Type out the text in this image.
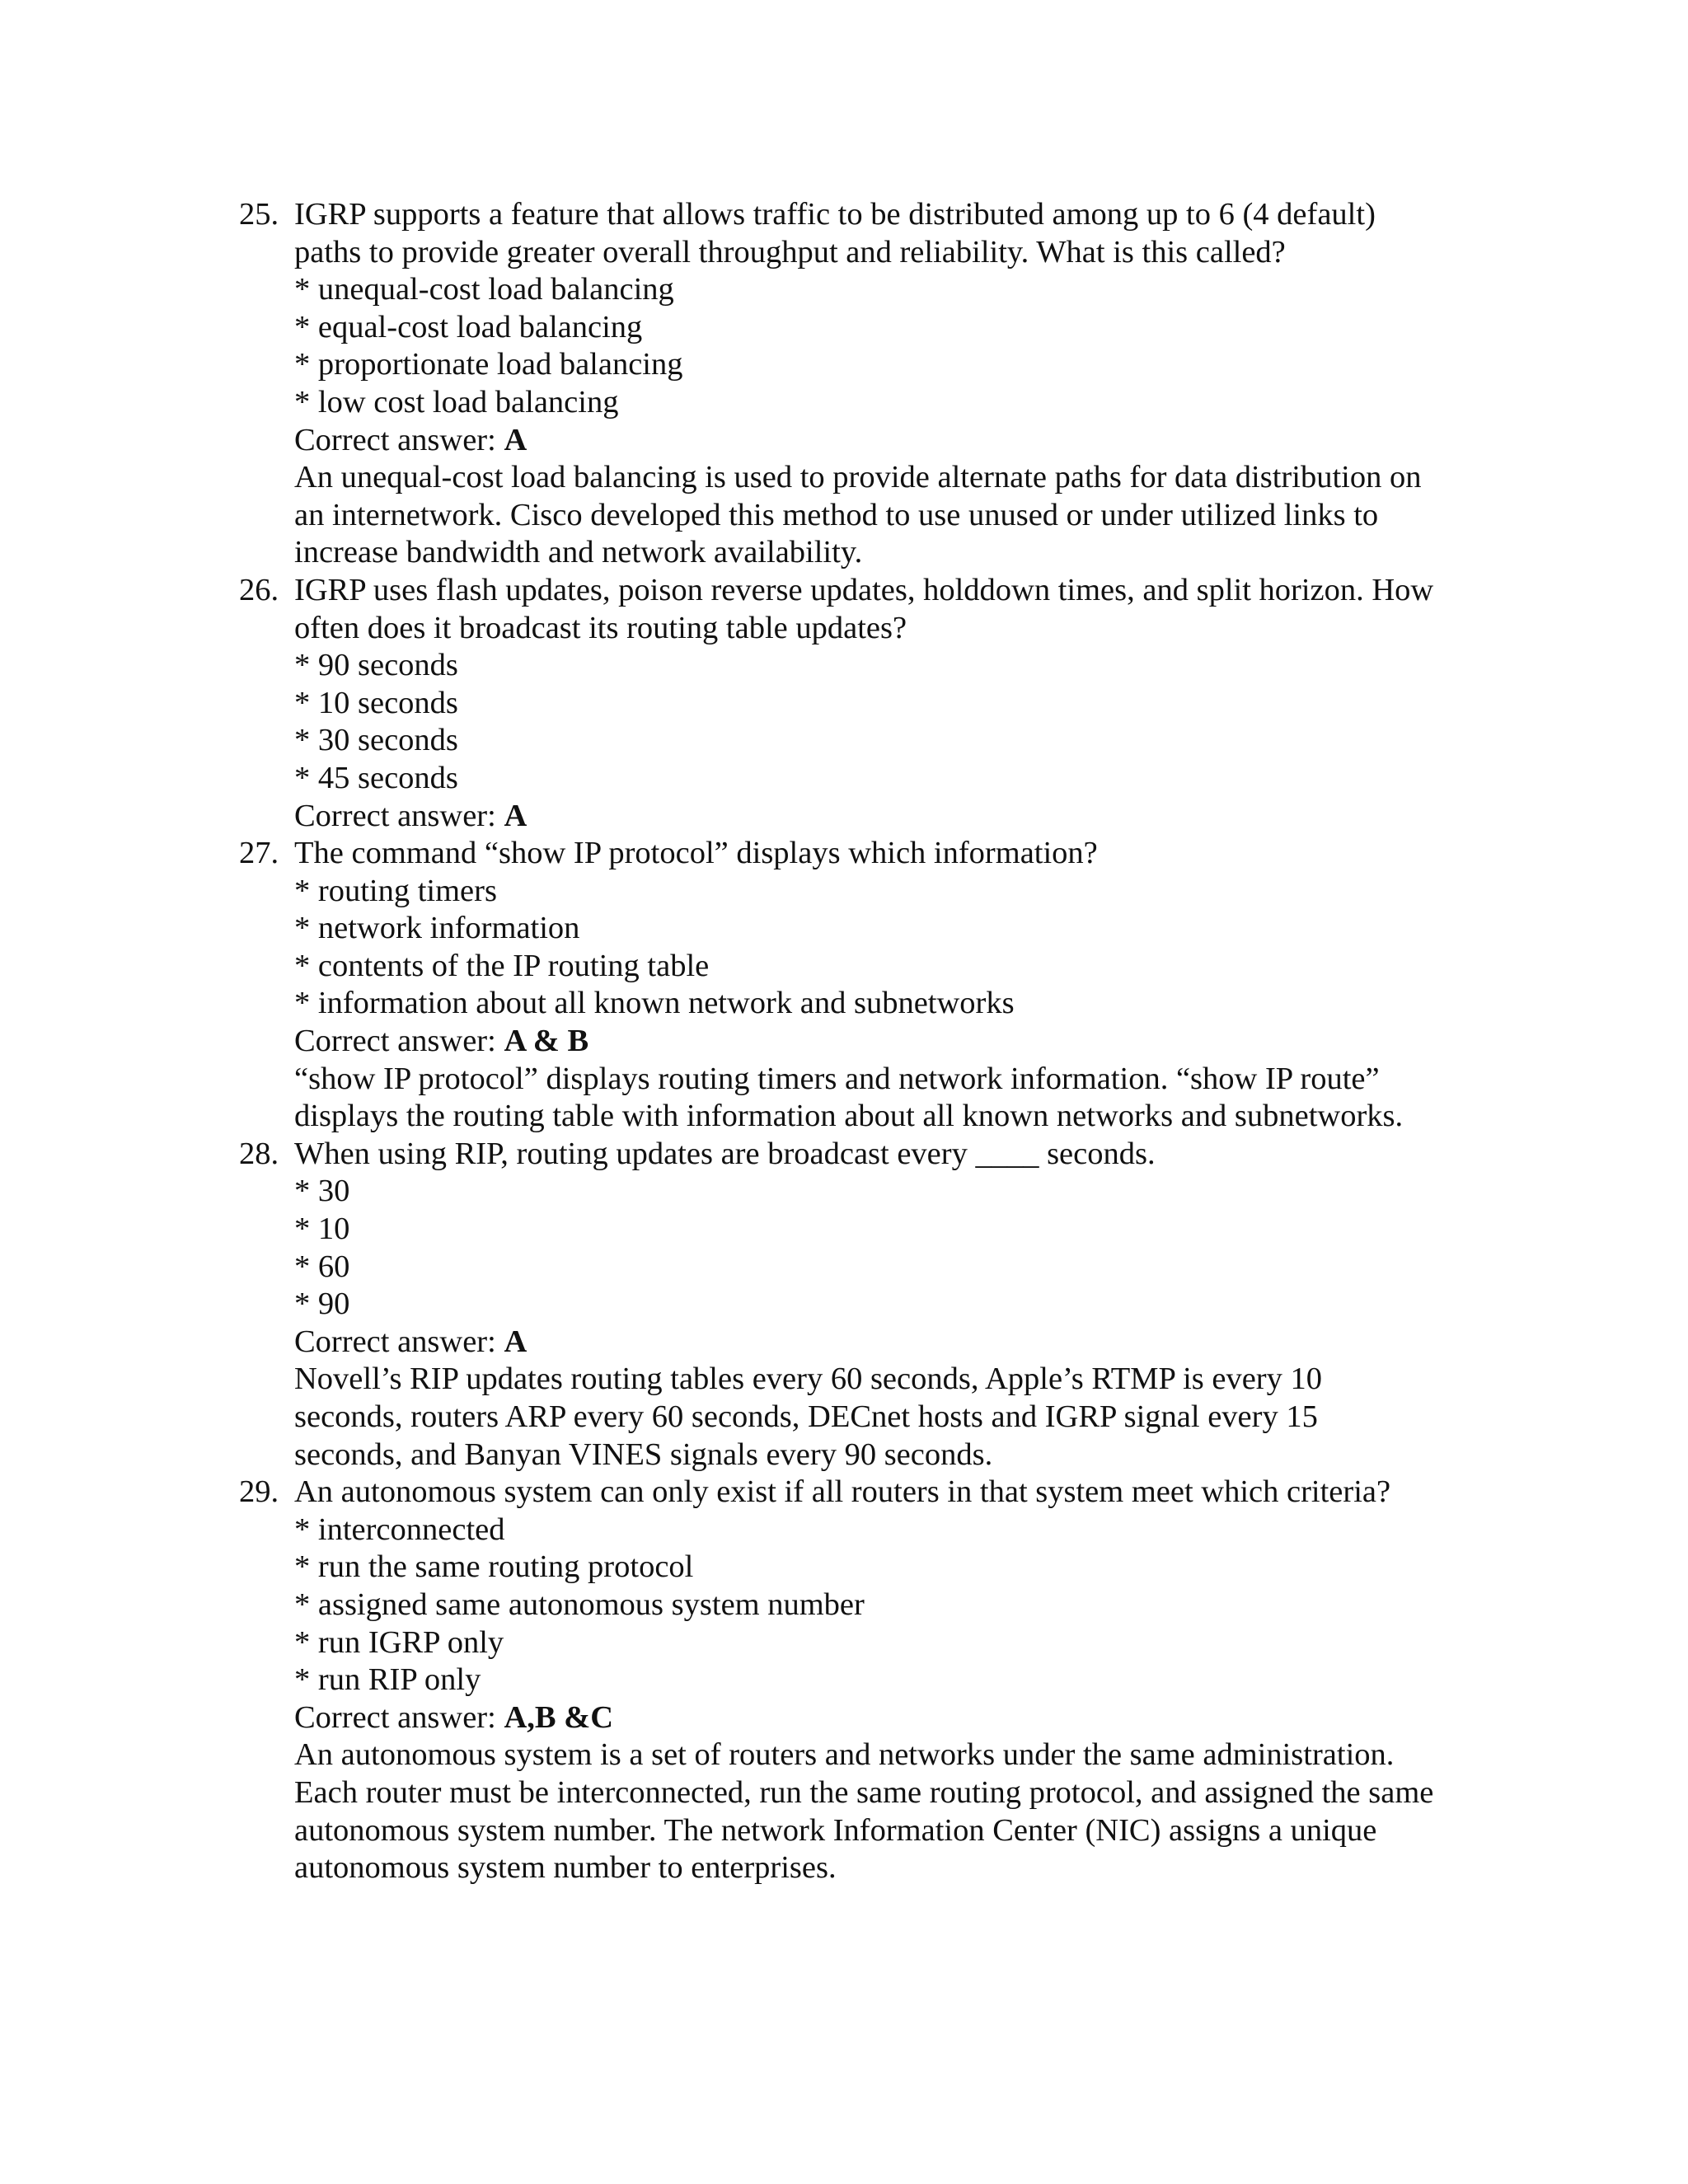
25. IGRP supports a feature that allows traffic to be distributed among up to 6 (4 default)
paths to provide greater overall throughput and reliability. What is this called?
* unequal-cost load balancing
* equal-cost load balancing
* proportionate load balancing
* low cost load balancing
Correct answer: A
An unequal-cost load balancing is used to provide alternate paths for data distribution on
an internetwork. Cisco developed this method to use unused or under utilized links to
increase bandwidth and network availability.
26. IGRP uses flash updates, poison reverse updates, holddown times, and split horizon. How
often does it broadcast its routing table updates?
* 90 seconds
* 10 seconds
* 30 seconds
* 45 seconds
Correct answer: A
27. The command “show IP protocol” displays which information?
* routing timers
* network information
* contents of the IP routing table
* information about all known network and subnetworks
Correct answer: A & B
“show IP protocol” displays routing timers and network information. “show IP route”
displays the routing table with information about all known networks and subnetworks.
28. When using RIP, routing updates are broadcast every ____ seconds.
* 30
* 10
* 60
* 90
Correct answer: A
Novell’s RIP updates routing tables every 60 seconds, Apple’s RTMP is every 10
seconds, routers ARP every 60 seconds, DECnet hosts and IGRP signal every 15
seconds, and Banyan VINES signals every 90 seconds.
29. An autonomous system can only exist if all routers in that system meet which criteria?
* interconnected
* run the same routing protocol
* assigned same autonomous system number
* run IGRP only
* run RIP only
Correct answer: A,B &C
An autonomous system is a set of routers and networks under the same administration.
Each router must be interconnected, run the same routing protocol, and assigned the same
autonomous system number. The network Information Center (NIC) assigns a unique
autonomous system number to enterprises.
